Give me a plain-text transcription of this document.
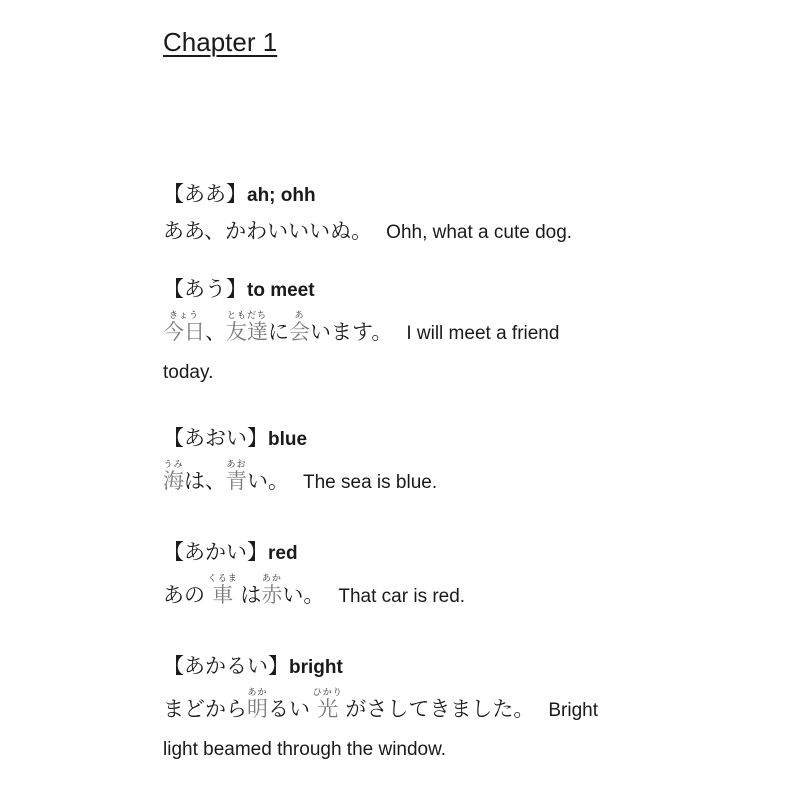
Chapter 1
【ああ】ah; ohh
ああ、かわいいいぬ。 Ohh, what a cute dog.
【あう】to meet
今日きょう、友達ともだちに会あいます。 I will meet a friend
today.
【あおい】blue
海うみは、青あおい。 The sea is blue.
【あかい】red
あの 車くるま は赤あかい。 That car is red.
【あかるい】bright
まどから明あかるい 光ひかり がさしてきました。 Bright
light beamed through the window.
